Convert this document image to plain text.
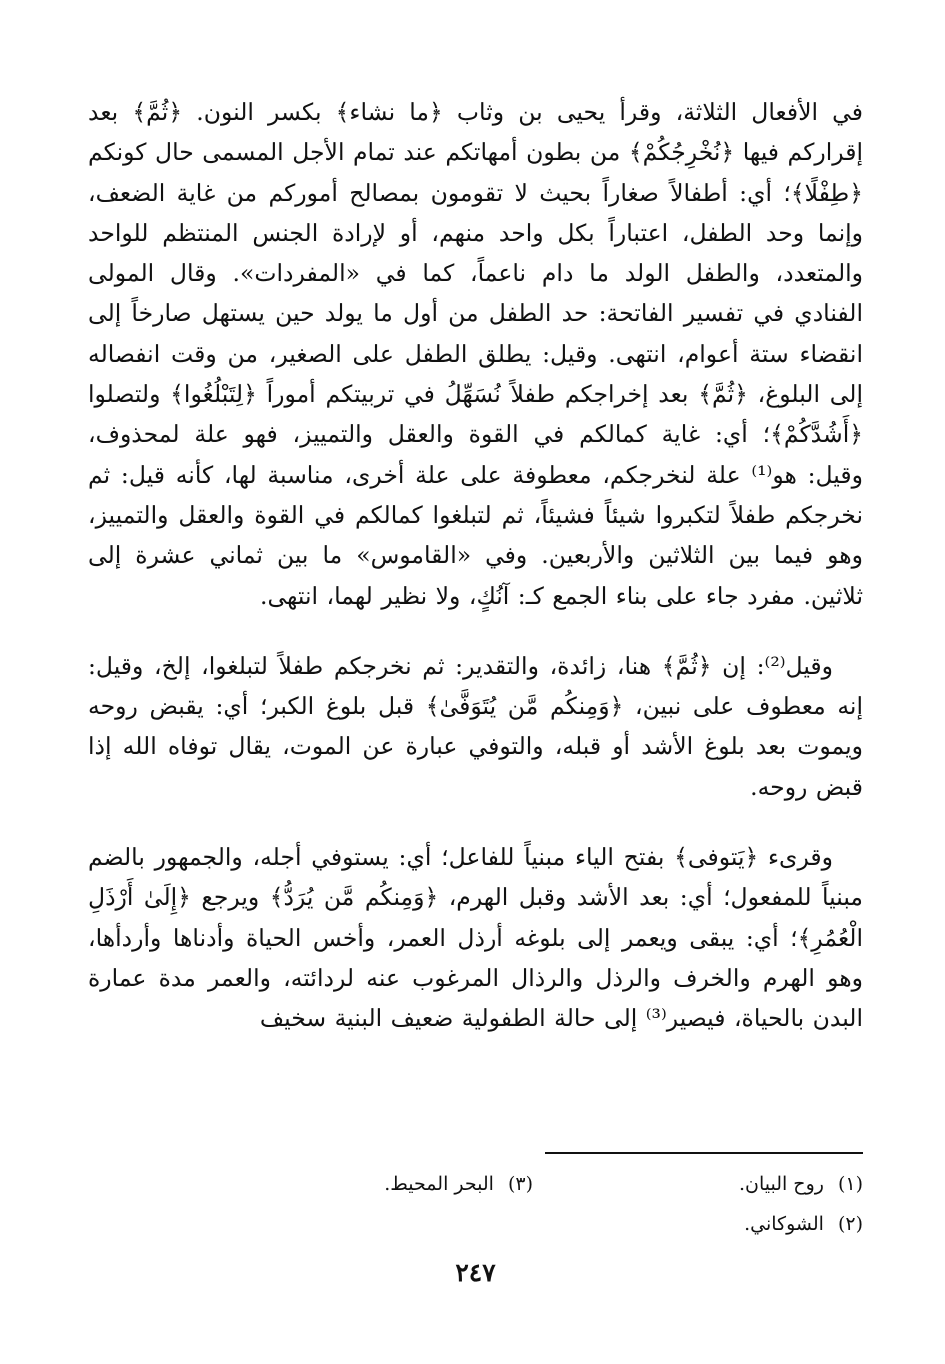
في الأفعال الثلاثة، وقرأ يحيى بن وثاب ﴿ما نشاء﴾ بكسر النون. ﴿ثُمَّ﴾ بعد إقراركم فيها ﴿نُخْرِجُكُمْ﴾ من بطون أمهاتكم عند تمام الأجل المسمى حال كونكم ﴿طِفْلًا﴾؛ أي: أطفالاً صغاراً بحيث لا تقومون بمصالح أموركم من غاية الضعف، وإنما وحد الطفل، اعتباراً بكل واحد منهم، أو لإرادة الجنس المنتظم للواحد والمتعدد، والطفل الولد ما دام ناعماً، كما في «المفردات». وقال المولى الفنادي في تفسير الفاتحة: حد الطفل من أول ما يولد حين يستهل صارخاً إلى انقضاء ستة أعوام، انتهى. وقيل: يطلق الطفل على الصغير، من وقت انفصاله إلى البلوغ، ﴿ثُمَّ﴾ بعد إخراجكم طفلاً نُسَهِّلُ في تربيتكم أموراً ﴿لِتَبْلُغُوا﴾ ولتصلوا ﴿أَشُدَّكُمْ﴾؛ أي: غاية كمالكم في القوة والعقل والتمييز، فهو علة لمحذوف، وقيل: هو⁽¹⁾ علة لنخرجكم، معطوفة على علة أخرى، مناسبة لها، كأنه قيل: ثم نخرجكم طفلاً لتكبروا شيئاً فشيئاً، ثم لتبلغوا كمالكم في القوة والعقل والتمييز، وهو فيما بين الثلاثين والأربعين. وفي «القاموس» ما بين ثماني عشرة إلى ثلاثين. مفرد جاء على بناء الجمع كـ: آنُكٍ، ولا نظير لهما، انتهى.

وقيل⁽²⁾: إن ﴿ثُمَّ﴾ هنا، زائدة، والتقدير: ثم نخرجكم طفلاً لتبلغوا، إلخ، وقيل: إنه معطوف على نبين، ﴿وَمِنكُم مَّن يُتَوَفَّىٰ﴾ قبل بلوغ الكبر؛ أي: يقبض روحه ويموت بعد بلوغ الأشد أو قبله، والتوفي عبارة عن الموت، يقال توفاه الله إذا قبض روحه.

وقرىء ﴿يَتوفى﴾ بفتح الياء مبنياً للفاعل؛ أي: يستوفي أجله، والجمهور بالضم مبنياً للمفعول؛ أي: بعد الأشد وقبل الهرم، ﴿وَمِنكُم مَّن يُرَدُّ﴾ ويرجع ﴿إِلَىٰ أَرْذَلِ الْعُمُرِ﴾؛ أي: يبقى ويعمر إلى بلوغه أرذل العمر، وأخس الحياة وأدناها وأردأها، وهو الهرم والخرف والرذل والرذال المرغوب عنه لردائته، والعمر مدة عمارة البدن بالحياة، فيصير⁽³⁾ إلى حالة الطفولية ضعيف البنية سخيف

(١)روح البيان.
(٣)البحر المحيط.
(٢)الشوكاني.
٢٤٧
